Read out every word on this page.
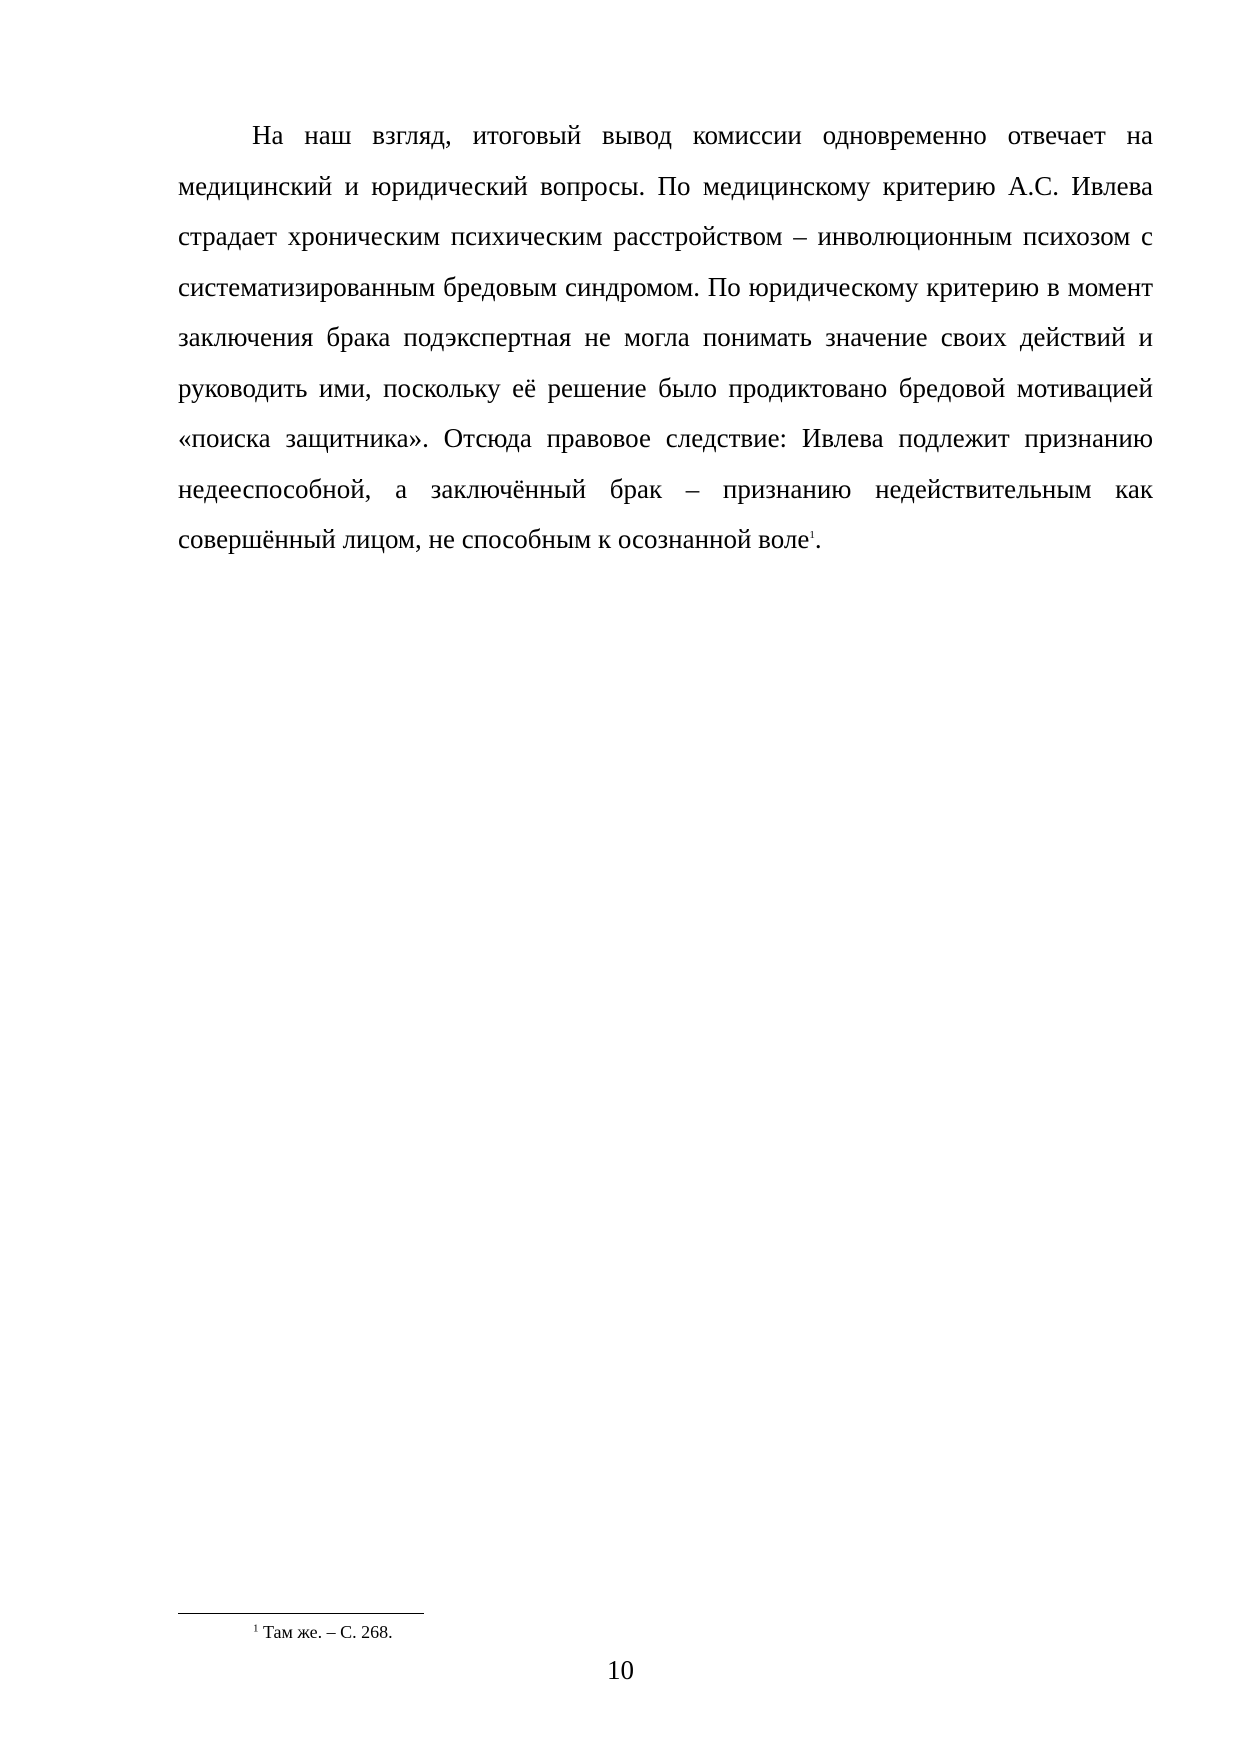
На наш взгляд, итоговый вывод комиссии одновременно отвечает на медицинский и юридический вопросы. По медицинскому критерию А.С. Ивлева страдает хроническим психическим расстройством – инволюционным психозом с систематизированным бредовым синдромом. По юридическому критерию в момент заключения брака подэкспертная не могла понимать значение своих действий и руководить ими, поскольку её решение было продиктовано бредовой мотивацией «поиска защитника». Отсюда правовое следствие: Ивлева подлежит признанию недееспособной, а заключённый брак – признанию недействительным как совершённый лицом, не способным к осознанной воле$^1$.

$^1$ Там же. – С. 268.

10
